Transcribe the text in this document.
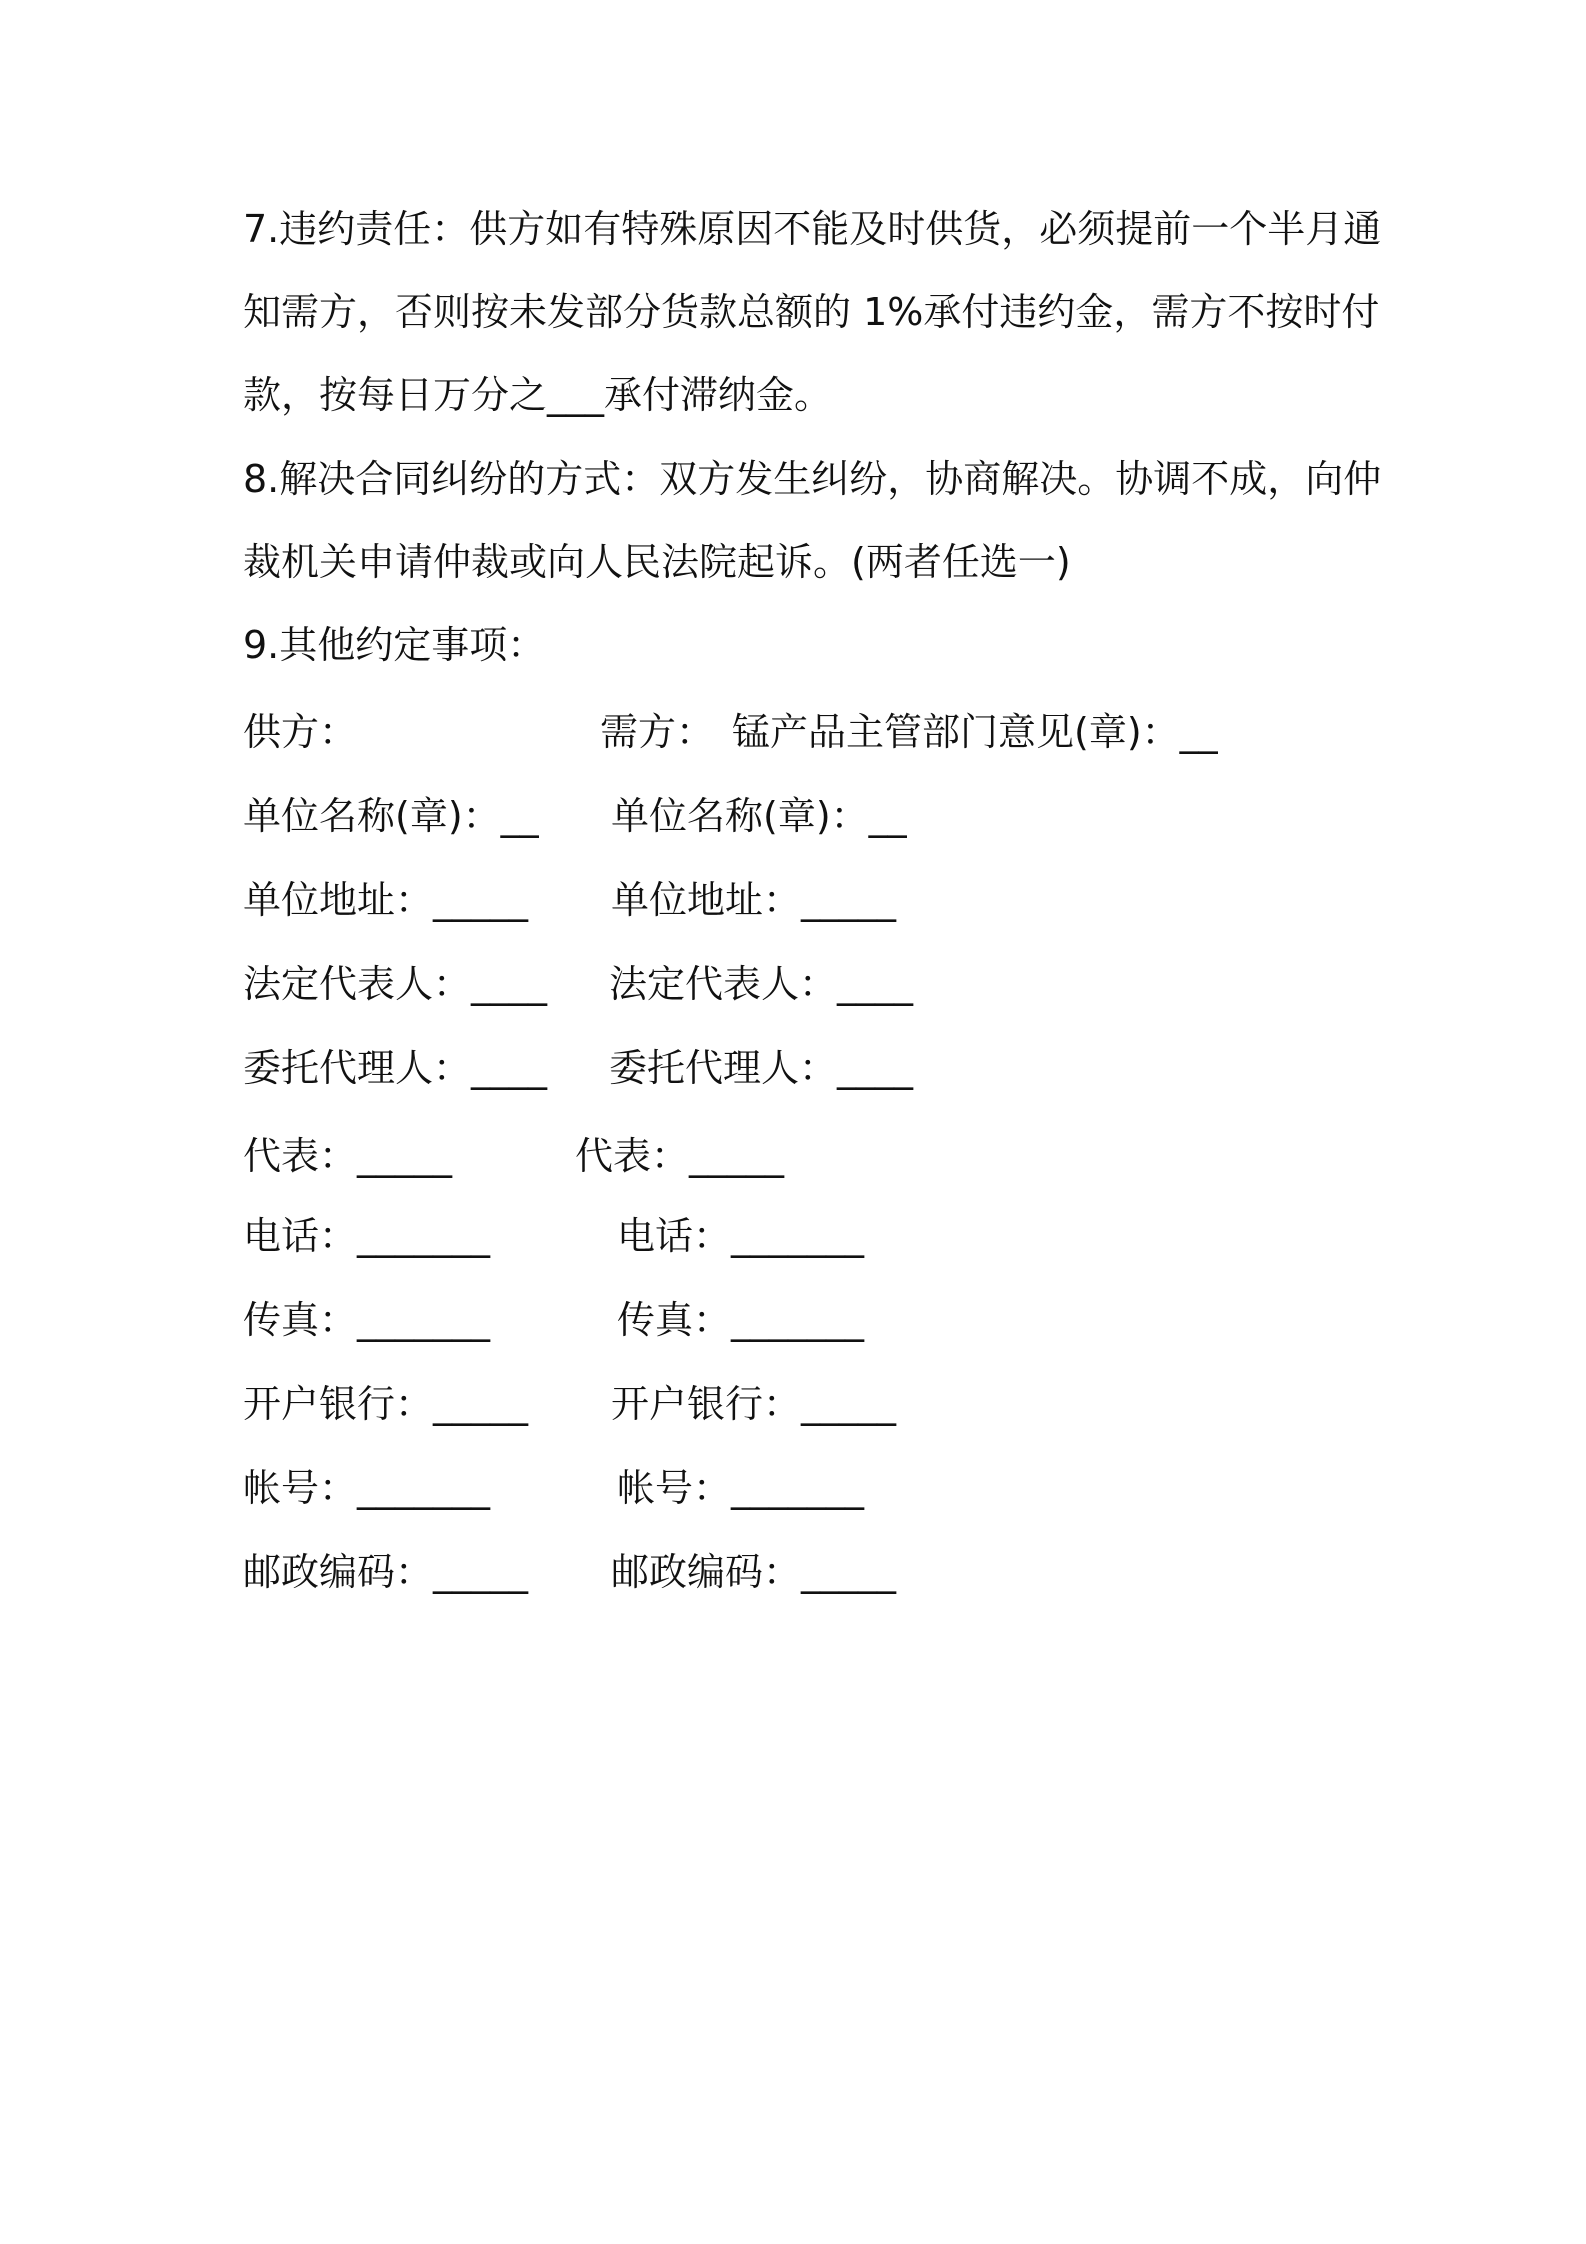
7.违约责任：供方如有特殊原因不能及时供货，必须提前一个半月通
知需方，否则按未发部分货款总额的 1%承付违约金，需方不按时付
款，按每日万分之___承付滞纳金。
8.解决合同纠纷的方式：双方发生纠纷，协商解决。协调不成，向仲
裁机关申请仲裁或向人民法院起诉。(两者任选一)
9.其他约定事项：
供方：	需方： 锰产品主管部门意见(章)：__
单位名称(章)：__ 单位名称(章)：__
单位地址：_____ 单位地址：_____
法定代表人：____ 法定代表人：____
委托代理人：____ 委托代理人：____
代表：_____	代表：_____
电话：_______	电话：_______
传真：_______	传真：_______
开户银行：_____ 开户银行：_____
帐号：_______	帐号：_______
邮政编码：_____ 邮政编码：_____
